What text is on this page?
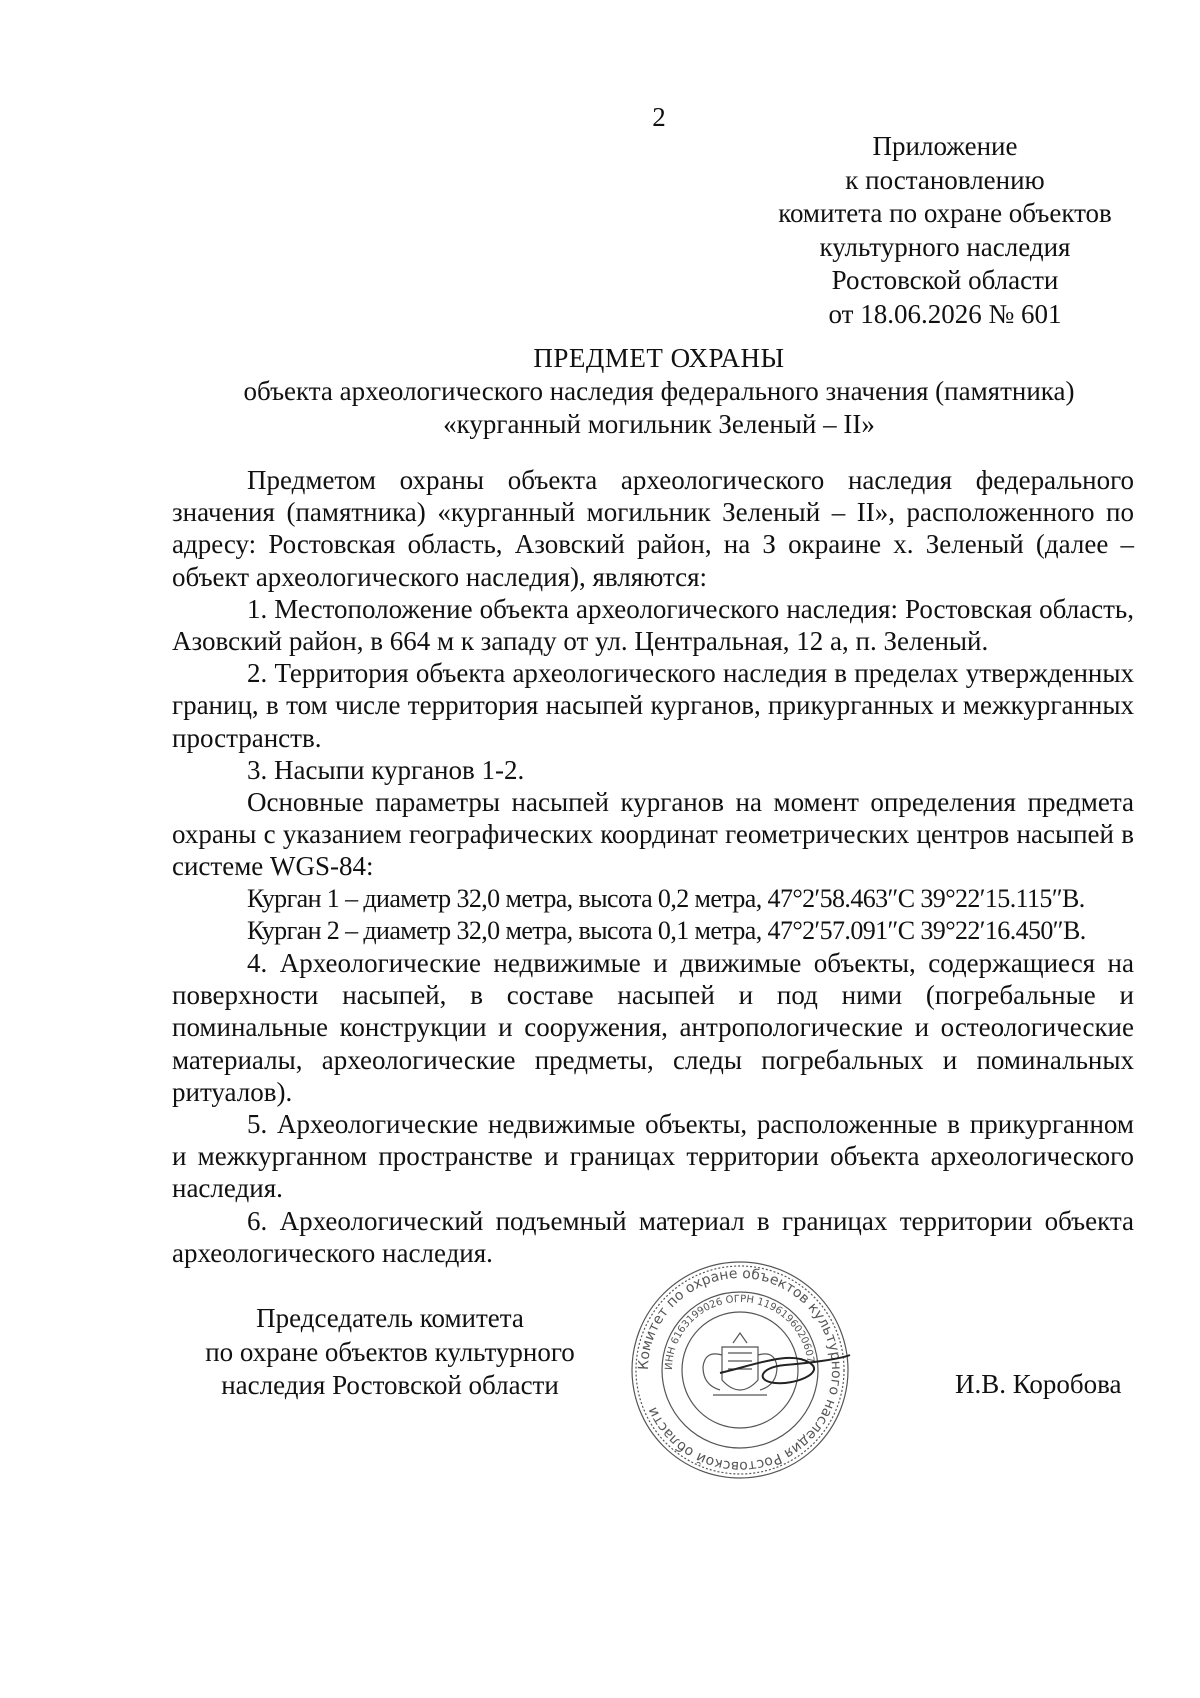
2
Приложение
к постановлению
комитета по охране объектов
культурного наследия
Ростовской области
от 18.06.2026 № 601
ПРЕДМЕТ ОХРАНЫ
объекта археологического наследия федерального значения (памятника)
«курганный могильник Зеленый – II»

Предметом охраны объекта археологического наследия федерального значения (памятника) «курганный могильник Зеленый – II», расположенного по адресу: Ростовская область, Азовский район, на З окраине х. Зеленый (далее – объект археологического наследия), являются:

1. Местоположение объекта археологического наследия: Ростовская область, Азовский район, в 664 м к западу от ул. Центральная, 12 а, п. Зеленый.

2. Территория объекта археологического наследия в пределах утвержденных границ, в том числе территория насыпей курганов, прикурганных и межкурганных пространств.

3. Насыпи курганов 1-2.

Основные параметры насыпей курганов на момент определения предмета охраны с указанием географических координат геометрических центров насыпей в системе WGS-84:

Курган 1 – диаметр 32,0 метра, высота 0,2 метра, 47°2′58.463″С 39°22′15.115″В.

Курган 2 – диаметр 32,0 метра, высота 0,1 метра, 47°2′57.091″С 39°22′16.450″В.

4. Археологические недвижимые и движимые объекты, содержащиеся на поверхности насыпей, в составе насыпей и под ними (погребальные и поминальные конструкции и сооружения, антропологические и остеологические материалы, археологические предметы, следы погребальных и поминальных ритуалов).

5. Археологические недвижимые объекты, расположенные в прикурганном и межкурганном пространстве и границах территории объекта археологического наследия.

6. Археологический подъемный материал в границах территории объекта археологического наследия.

Председатель комитета
по охране объектов культурного
наследия Ростовской области	И.В. Коробова
Комитет по охране объектов культурного наследия Ростовской области
ИНН 6163199026 ОГРН 1196196020607
